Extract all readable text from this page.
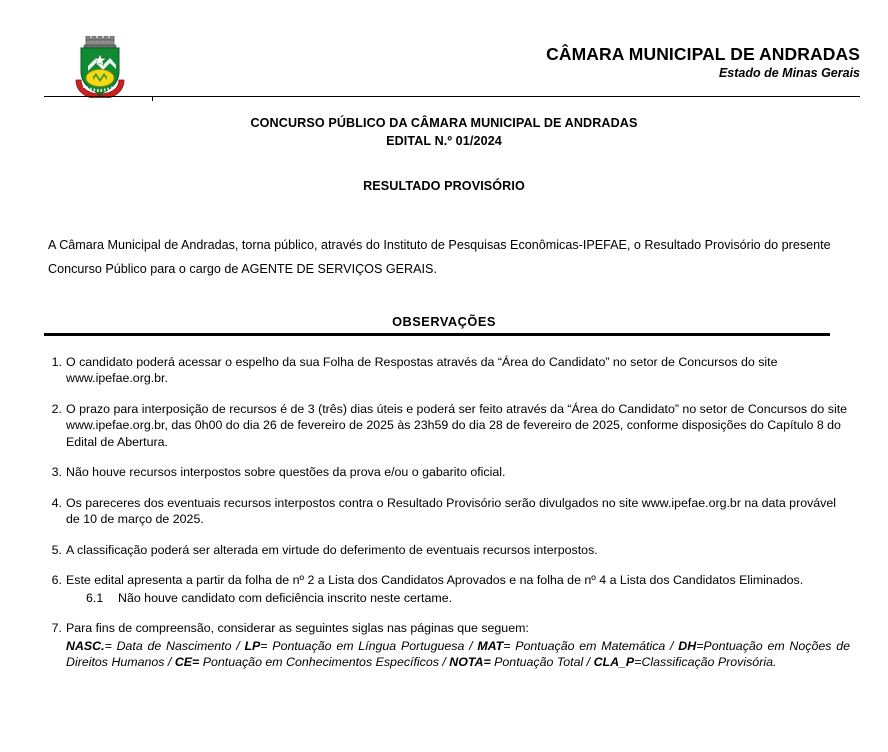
CÂMARA MUNICIPAL DE ANDRADAS
Estado de Minas Gerais
CONCURSO PÚBLICO DA CÂMARA MUNICIPAL DE ANDRADAS
EDITAL N.º 01/2024
RESULTADO PROVISÓRIO
A Câmara Municipal de Andradas, torna público, através do Instituto de Pesquisas Econômicas-IPEFAE, o Resultado Provisório do presente Concurso Público para o cargo de AGENTE DE SERVIÇOS GERAIS.
OBSERVAÇÕES
1. O candidato poderá acessar o espelho da sua Folha de Respostas através da “Área do Candidato” no setor de Concursos do site www.ipefae.org.br.
2. O prazo para interposição de recursos é de 3 (três) dias úteis e poderá ser feito através da “Área do Candidato” no setor de Concursos do site www.ipefae.org.br, das 0h00 do dia 26 de fevereiro de 2025 às 23h59 do dia 28 de fevereiro de 2025, conforme disposições do Capítulo 8 do Edital de Abertura.
3. Não houve recursos interpostos sobre questões da prova e/ou o gabarito oficial.
4. Os pareceres dos eventuais recursos interpostos contra o Resultado Provisório serão divulgados no site www.ipefae.org.br na data provável de 10 de março de 2025.
5. A classificação poderá ser alterada em virtude do deferimento de eventuais recursos interpostos.
6. Este edital apresenta a partir da folha de nº 2 a Lista dos Candidatos Aprovados e na folha de nº 4 a Lista dos Candidatos Eliminados.
6.1 Não houve candidato com deficiência inscrito neste certame.
7. Para fins de compreensão, considerar as seguintes siglas nas páginas que seguem:
NASC.= Data de Nascimento / LP= Pontuação em Língua Portuguesa / MAT= Pontuação em Matemática / DH=Pontuação em Noções de Direitos Humanos / CE= Pontuação em Conhecimentos Específicos / NOTA= Pontuação Total / CLA_P=Classificação Provisória.
